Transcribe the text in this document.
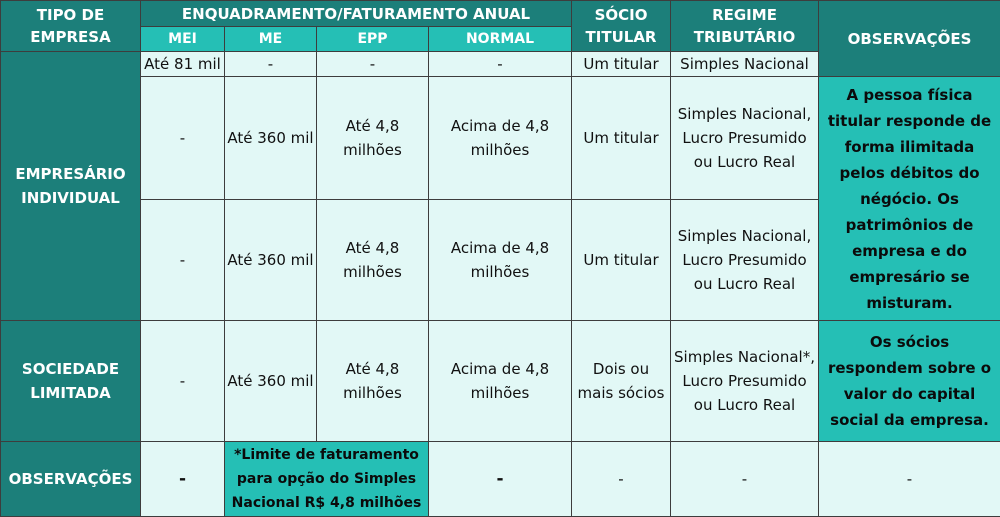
TIPO DE EMPRESA	ENQUADRAMENTO/FATURAMENTO ANUAL				SÓCIO TITULAR	REGIME TRIBUTÁRIO	OBSERVAÇÕES
	MEI	ME	EPP	NORMAL			
EMPRESÁRIO INDIVIDUAL	Até 81 mil	-	-	-	Um titular	Simples Nacional	
	-	Até 360 mil	Até 4,8 milhões	Acima de 4,8 milhões	Um titular	Simples Nacional, Lucro Presumido ou Lucro Real	A pessoa física titular responde de forma ilimitada pelos débitos do négócio. Os patrimônios de empresa e do empresário se misturam.
	-	Até 360 mil	Até 4,8 milhões	Acima de 4,8 milhões	Um titular	Simples Nacional, Lucro Presumido ou Lucro Real	
SOCIEDADE LIMITADA	-	Até 360 mil	Até 4,8 milhões	Acima de 4,8 milhões	Dois ou mais sócios	Simples Nacional*, Lucro Presumido ou Lucro Real	Os sócios respondem sobre o valor do capital social da empresa.
OBSERVAÇÕES	-	*Limite de faturamento para opção do Simples Nacional R$ 4,8 milhões		-	-	-	-
